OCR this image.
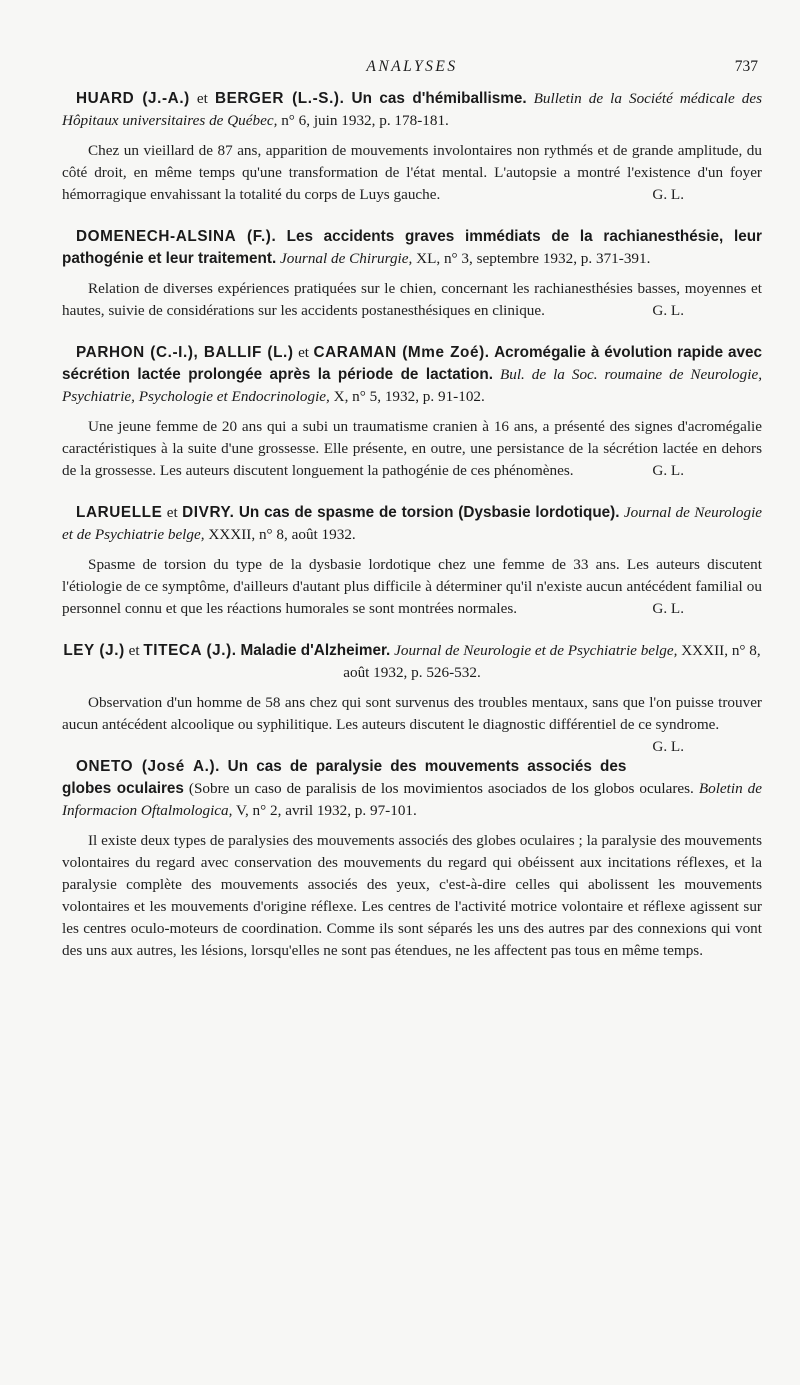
ANALYSES	737

HUARD (J.-A.) et BERGER (L.-S.). Un cas d'hémiballisme. Bulletin de la Société médicale des Hôpitaux universitaires de Québec, n° 6, juin 1932, p. 178-181.

Chez un vieillard de 87 ans, apparition de mouvements involontaires non rythmés et de grande amplitude, du côté droit, en même temps qu'une transformation de l'état mental. L'autopsie a montré l'existence d'un foyer hémorragique envahissant la totalité du corps de Luys gauche.	G. L.

DOMENECH-ALSINA (F.). Les accidents graves immédiats de la rachianesthésie, leur pathogénie et leur traitement. Journal de Chirurgie, XL, n° 3, septembre 1932, p. 371-391.

Relation de diverses expériences pratiquées sur le chien, concernant les rachianesthésies basses, moyennes et hautes, suivie de considérations sur les accidents postanesthésiques en clinique.	G. L.

PARHON (C.-I.), BALLIF (L.) et CARAMAN (Mme Zoé). Acromégalie à évolution rapide avec sécrétion lactée prolongée après la période de lactation. Bul. de la Soc. roumaine de Neurologie, Psychiatrie, Psychologie et Endocrinologie, X, n° 5, 1932, p. 91-102.

Une jeune femme de 20 ans qui a subi un traumatisme cranien à 16 ans, a présenté des signes d'acromégalie caractéristiques à la suite d'une grossesse. Elle présente, en outre, une persistance de la sécrétion lactée en dehors de la grossesse. Les auteurs discutent longuement la pathogénie de ces phénomènes.	G. L.

LARUELLE et DIVRY. Un cas de spasme de torsion (Dysbasie lordotique). Journal de Neurologie et de Psychiatrie belge, XXXII, n° 8, août 1932.

Spasme de torsion du type de la dysbasie lordotique chez une femme de 33 ans. Les auteurs discutent l'étiologie de ce symptôme, d'ailleurs d'autant plus difficile à déterminer qu'il n'existe aucun antécédent familial ou personnel connu et que les réactions humorales se sont montrées normales.	G. L.

LEY (J.) et TITECA (J.). Maladie d'Alzheimer. Journal de Neurologie et de Psychiatrie belge, XXXII, n° 8, août 1932, p. 526-532.

Observation d'un homme de 58 ans chez qui sont survenus des troubles mentaux, sans que l'on puisse trouver aucun antécédent alcoolique ou syphilitique. Les auteurs discutent le diagnostic différentiel de ce syndrome.
G. L.

ONETO (José A.). Un cas de paralysie des mouvements associés des globes oculaires (Sobre un caso de paralisis de los movimientos asociados de los globos oculares. Boletin de Informacion Oftalmologica, V, n° 2, avril 1932, p. 97-101.

Il existe deux types de paralysies des mouvements associés des globes oculaires ; la paralysie des mouvements volontaires du regard avec conservation des mouvements du regard qui obéissent aux incitations réflexes, et la paralysie complète des mouvements associés des yeux, c'est-à-dire celles qui abolissent les mouvements volontaires et les mouvements d'origine réflexe. Les centres de l'activité motrice volontaire et réflexe agissent sur les centres oculo-moteurs de coordination. Comme ils sont séparés les uns des autres par des connexions qui vont des uns aux autres, les lésions, lorsqu'elles ne sont pas étendues, ne les affectent pas tous en même temps.
